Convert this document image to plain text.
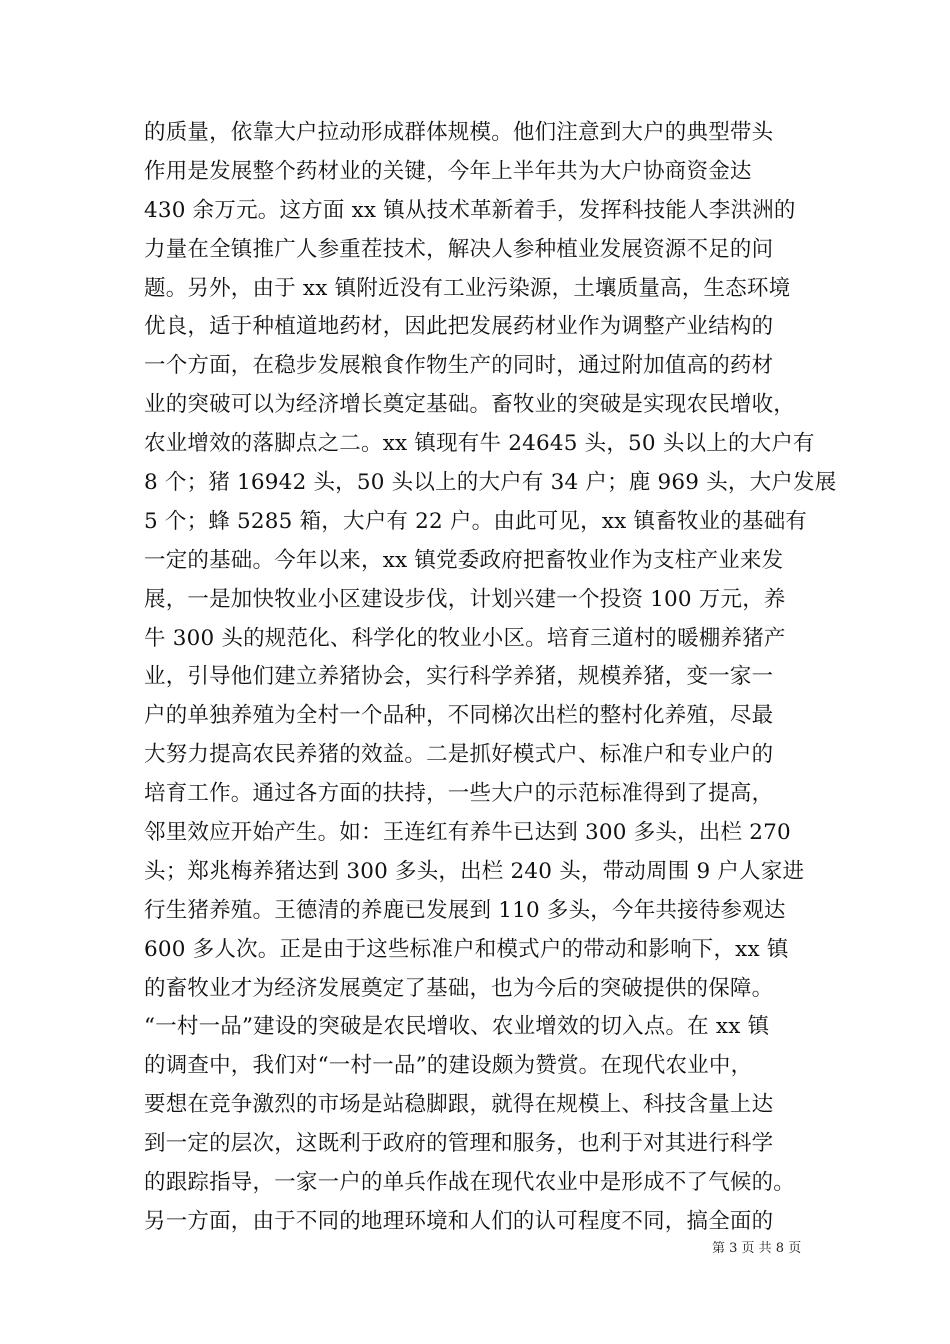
的质量，依靠大户拉动形成群体规模。他们注意到大户的典型带头
作用是发展整个药材业的关键，今年上半年共为大户协商资金达
430 余万元。这方面 xx 镇从技术革新着手，发挥科技能人李洪洲的
力量在全镇推广人参重茬技术，解决人参种植业发展资源不足的问
题。另外，由于 xx 镇附近没有工业污染源，土壤质量高，生态环境
优良，适于种植道地药材，因此把发展药材业作为调整产业结构的
一个方面，在稳步发展粮食作物生产的同时，通过附加值高的药材
业的突破可以为经济增长奠定基础。畜牧业的突破是实现农民增收，
农业增效的落脚点之二。xx 镇现有牛 24645 头，50 头以上的大户有
8 个；猪 16942 头，50 头以上的大户有 34 户；鹿 969 头，大户发展
5 个；蜂 5285 箱，大户有 22 户。由此可见，xx 镇畜牧业的基础有
一定的基础。今年以来，xx 镇党委政府把畜牧业作为支柱产业来发
展，一是加快牧业小区建设步伐，计划兴建一个投资 100 万元，养
牛 300 头的规范化、科学化的牧业小区。培育三道村的暖棚养猪产
业，引导他们建立养猪协会，实行科学养猪，规模养猪，变一家一
户的单独养殖为全村一个品种，不同梯次出栏的整村化养殖，尽最
大努力提高农民养猪的效益。二是抓好模式户、标准户和专业户的
培育工作。通过各方面的扶持，一些大户的示范标准得到了提高，
邻里效应开始产生。如：王连红有养牛已达到 300 多头，出栏 270
头；郑兆梅养猪达到 300 多头，出栏 240 头，带动周围 9 户人家进
行生猪养殖。王德清的养鹿已发展到 110 多头，今年共接待参观达
600 多人次。正是由于这些标准户和模式户的带动和影响下，xx 镇
的畜牧业才为经济发展奠定了基础，也为今后的突破提供的保障。
“一村一品”建设的突破是农民增收、农业增效的切入点。在 xx 镇
的调查中，我们对“一村一品”的建设颇为赞赏。在现代农业中，
要想在竞争激烈的市场是站稳脚跟，就得在规模上、科技含量上达
到一定的层次，这既利于政府的管理和服务，也利于对其进行科学
的跟踪指导，一家一户的单兵作战在现代农业中是形成不了气候的。
另一方面，由于不同的地理环境和人们的认可程度不同，搞全面的
第 3 页 共 8 页
